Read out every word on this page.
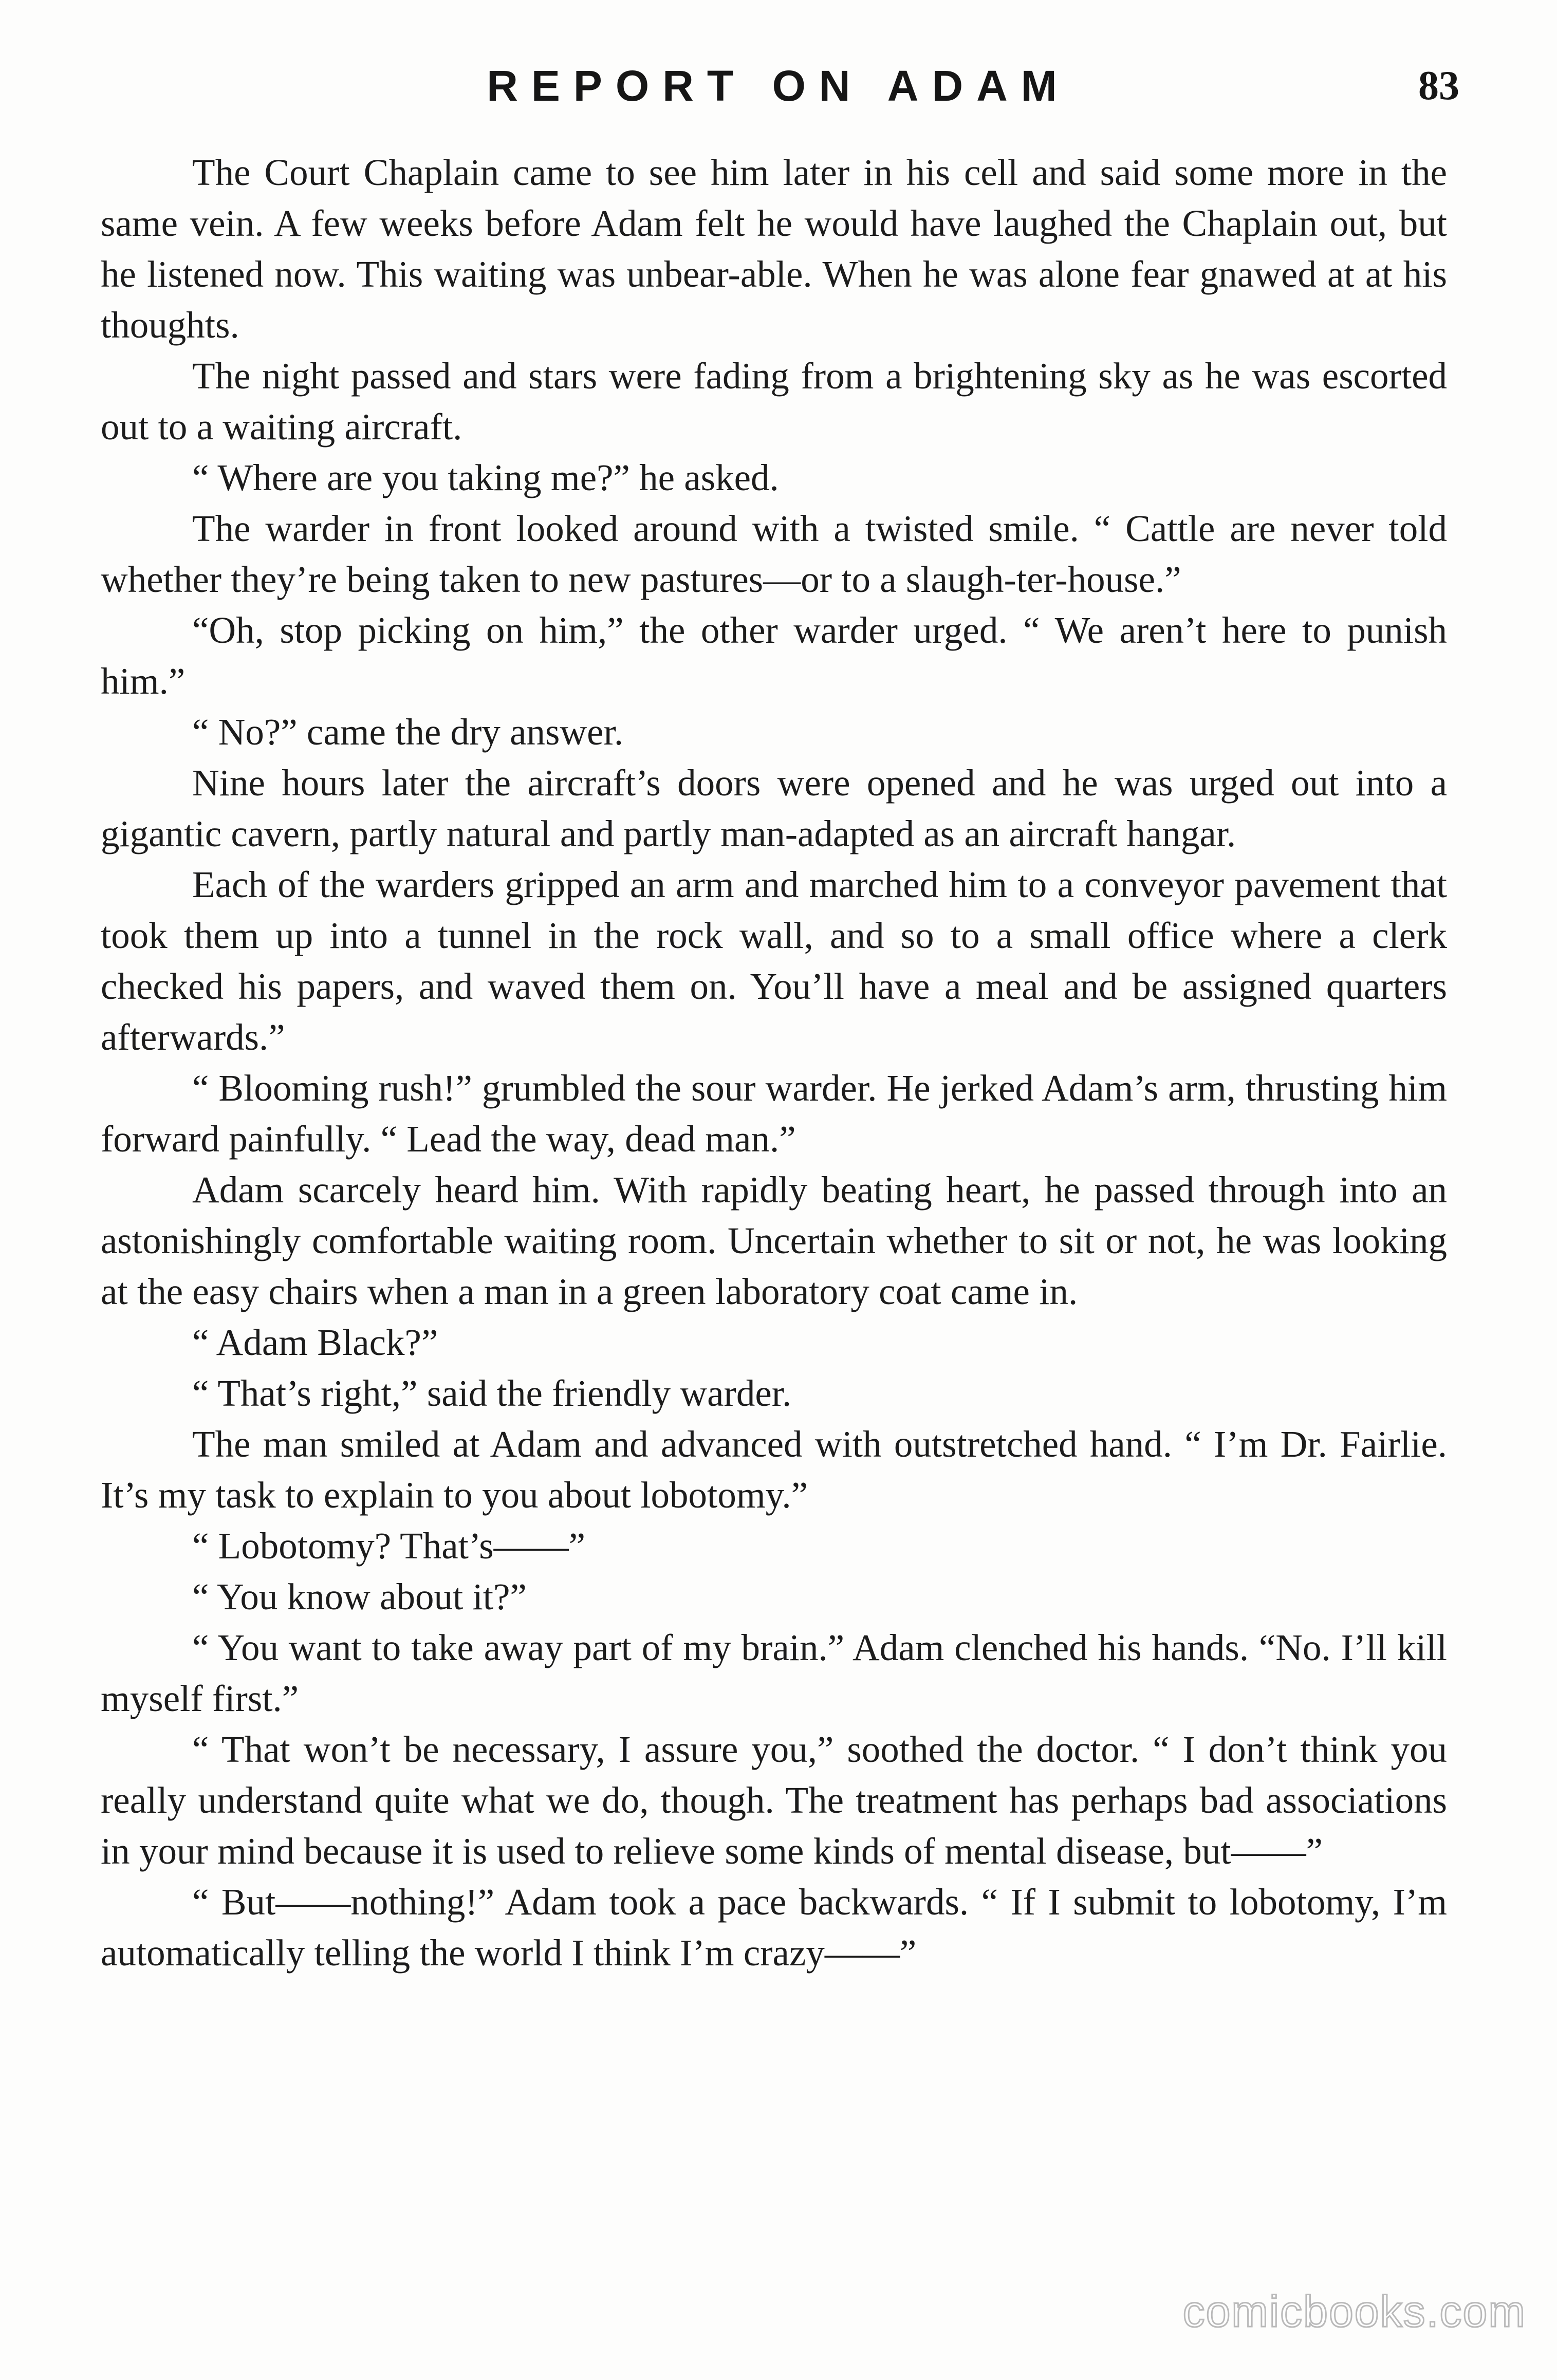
REPORT ON ADAM	83

The Court Chaplain came to see him later in his cell and said some more in the same vein. A few weeks before Adam felt he would have laughed the Chaplain out, but he listened now. This waiting was unbear-able. When he was alone fear gnawed at at his thoughts.

The night passed and stars were fading from a brightening sky as he was escorted out to a waiting aircraft.

“ Where are you taking me?” he asked.

The warder in front looked around with a twisted smile. “ Cattle are never told whether they’re being taken to new pastures—or to a slaugh-ter-house.”

“Oh, stop picking on him,” the other warder urged. “ We aren’t here to punish him.”

“ No?” came the dry answer.

Nine hours later the aircraft’s doors were opened and he was urged out into a gigantic cavern, partly natural and partly man-adapted as an aircraft hangar.

Each of the warders gripped an arm and marched him to a conveyor pavement that took them up into a tunnel in the rock wall, and so to a small office where a clerk checked his papers, and waved them on. You’ll have a meal and be assigned quarters afterwards.”

“ Blooming rush!” grumbled the sour warder. He jerked Adam’s arm, thrusting him forward painfully. “ Lead the way, dead man.”

Adam scarcely heard him. With rapidly beating heart, he passed through into an astonishingly comfortable waiting room. Uncertain whether to sit or not, he was looking at the easy chairs when a man in a green laboratory coat came in.

“ Adam Black?”

“ That’s right,” said the friendly warder.

The man smiled at Adam and advanced with outstretched hand. “ I’m Dr. Fairlie. It’s my task to explain to you about lobotomy.”

“ Lobotomy? That’s——”

“ You know about it?”

“ You want to take away part of my brain.” Adam clenched his hands. “No. I’ll kill myself first.”

“ That won’t be necessary, I assure you,” soothed the doctor. “ I don’t think you really understand quite what we do, though. The treatment has perhaps bad associations in your mind because it is used to relieve some kinds of mental disease, but——”

“ But——nothing!” Adam took a pace backwards. “ If I submit to lobotomy, I’m automatically telling the world I think I’m crazy——”

comicbooks.com
